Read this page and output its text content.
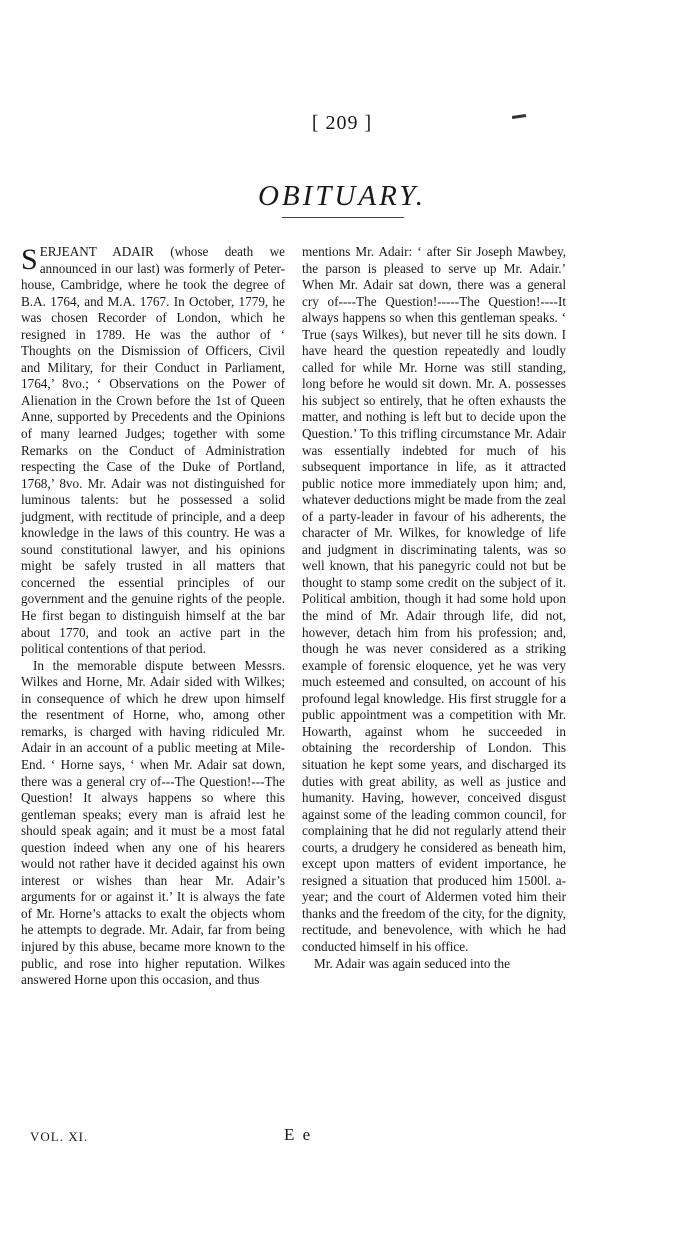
[ 209 ]
OBITUARY.

SERJEANT ADAIR (whose death we announced in our last) was formerly of Peter-house, Cambridge, where he took the degree of B.A. 1764, and M.A. 1767. In October, 1779, he was chosen Recorder of London, which he resigned in 1789. He was the author of ‘ Thoughts on the Dismission of Officers, Civil and Military, for their Conduct in Parliament, 1764,’ 8vo.; ‘ Observations on the Power of Alienation in the Crown before the 1st of Queen Anne, supported by Precedents and the Opinions of many learned Judges; together with some Remarks on the Conduct of Administration respecting the Case of the Duke of Portland, 1768,’ 8vo. Mr. Adair was not distinguished for luminous talents: but he possessed a solid judgment, with rectitude of principle, and a deep knowledge in the laws of this country. He was a sound constitutional lawyer, and his opinions might be safely trusted in all matters that concerned the essential principles of our government and the genuine rights of the people. He first began to distinguish himself at the bar about 1770, and took an active part in the political contentions of that period.

In the memorable dispute between Messrs. Wilkes and Horne, Mr. Adair sided with Wilkes; in consequence of which he drew upon himself the resentment of Horne, who, among other remarks, is charged with having ridiculed Mr. Adair in an account of a public meeting at Mile-End. ‘ Horne says, ‘ when Mr. Adair sat down, there was a general cry of---The Question!---The Question! It always happens so where this gentleman speaks; every man is afraid lest he should speak again; and it must be a most fatal question indeed when any one of his hearers would not rather have it decided against his own interest or wishes than hear Mr. Adair’s arguments for or against it.’ It is always the fate of Mr. Horne’s attacks to exalt the objects whom he attempts to degrade. Mr. Adair, far from being injured by this abuse, became more known to the public, and rose into higher reputation. Wilkes answered Horne upon this occasion, and thus

mentions Mr. Adair: ‘ after Sir Joseph Mawbey, the parson is pleased to serve up Mr. Adair.’ When Mr. Adair sat down, there was a general cry of----The Question!-----The Question!----It always happens so when this gentleman speaks. ‘ True (says Wilkes), but never till he sits down. I have heard the question repeatedly and loudly called for while Mr. Horne was still standing, long before he would sit down. Mr. A. possesses his subject so entirely, that he often exhausts the matter, and nothing is left but to decide upon the Question.’ To this trifling circumstance Mr. Adair was essentially indebted for much of his subsequent importance in life, as it attracted public notice more immediately upon him; and, whatever deductions might be made from the zeal of a party-leader in favour of his adherents, the character of Mr. Wilkes, for knowledge of life and judgment in discriminating talents, was so well known, that his panegyric could not but be thought to stamp some credit on the subject of it. Political ambition, though it had some hold upon the mind of Mr. Adair through life, did not, however, detach him from his profession; and, though he was never considered as a striking example of forensic eloquence, yet he was very much esteemed and consulted, on account of his profound legal knowledge. His first struggle for a public appointment was a competition with Mr. Howarth, against whom he succeeded in obtaining the recordership of London. This situation he kept some years, and discharged its duties with great ability, as well as justice and humanity. Having, however, conceived disgust against some of the leading common council, for complaining that he did not regularly attend their courts, a drudgery he considered as beneath him, except upon matters of evident importance, he resigned a situation that produced him 1500l. a-year; and the court of Aldermen voted him their thanks and the freedom of the city, for the dignity, rectitude, and benevolence, with which he had conducted himself in his office.

Mr. Adair was again seduced into the

VOL. XI.	E e
